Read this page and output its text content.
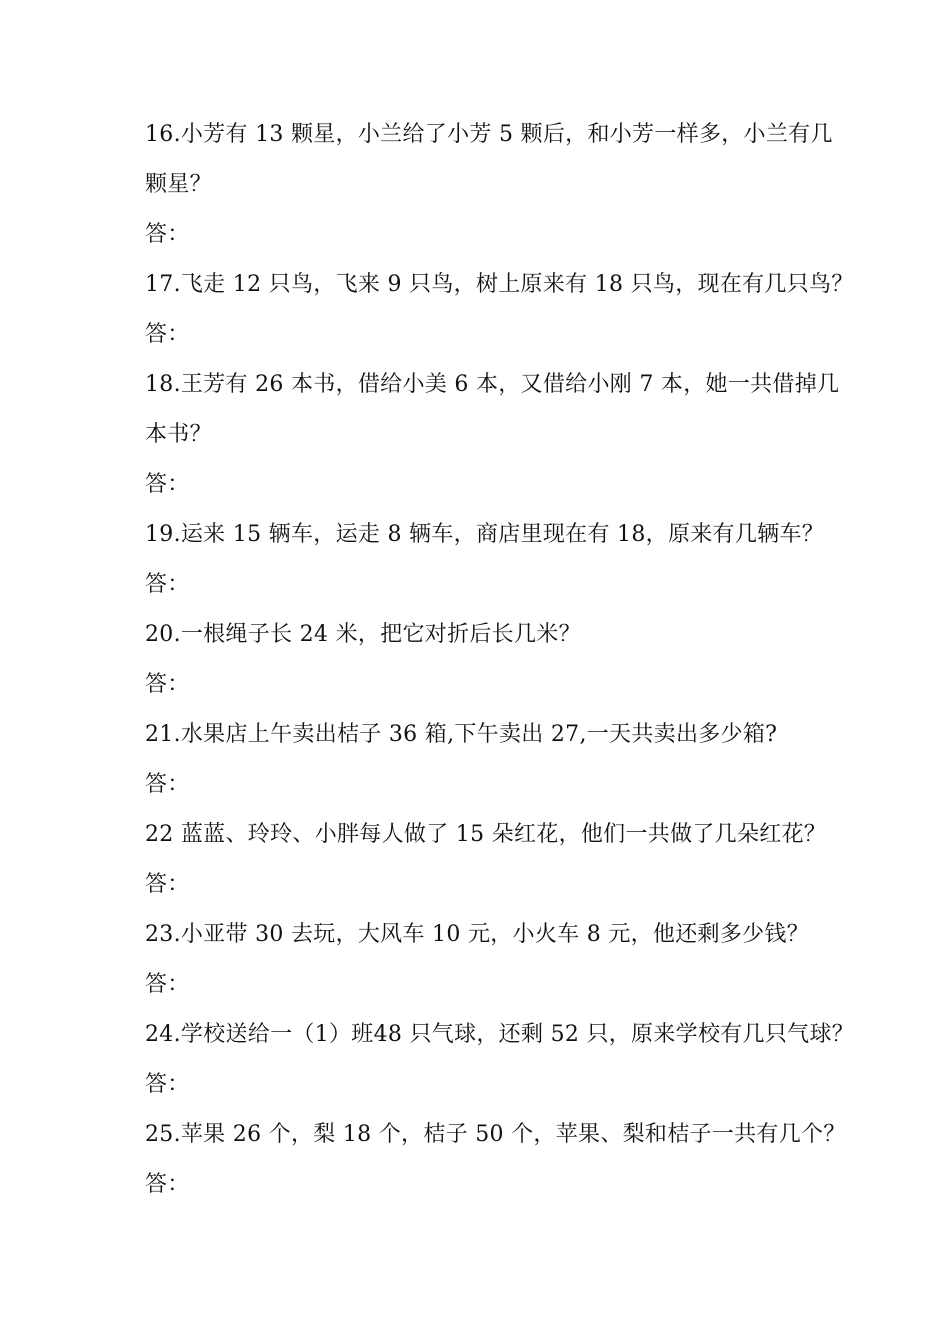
16.小芳有 13 颗星，小兰给了小芳 5 颗后，和小芳一样多，小兰有几
颗星？
答：
17.飞走 12 只鸟，飞来 9 只鸟，树上原来有 18 只鸟，现在有几只鸟？
答：
18.王芳有 26 本书，借给小美 6 本，又借给小刚 7 本，她一共借掉几
本书？
答：
19.运来 15 辆车，运走 8 辆车，商店里现在有 18，原来有几辆车？
答：
20.一根绳子长 24 米，把它对折后长几米？
答：
21.水果店上午卖出桔子 36 箱,下午卖出 27,一天共卖出多少箱?
答：
22 蓝蓝、玲玲、小胖每人做了 15 朵红花，他们一共做了几朵红花？
答：
23.小亚带 30 去玩，大风车 10 元，小火车 8 元，他还剩多少钱？
答：
24.学校送给一（1）班48 只气球，还剩 52 只，原来学校有几只气球？
答：
25.苹果 26 个，梨 18 个，桔子 50 个，苹果、梨和桔子一共有几个？
答：
